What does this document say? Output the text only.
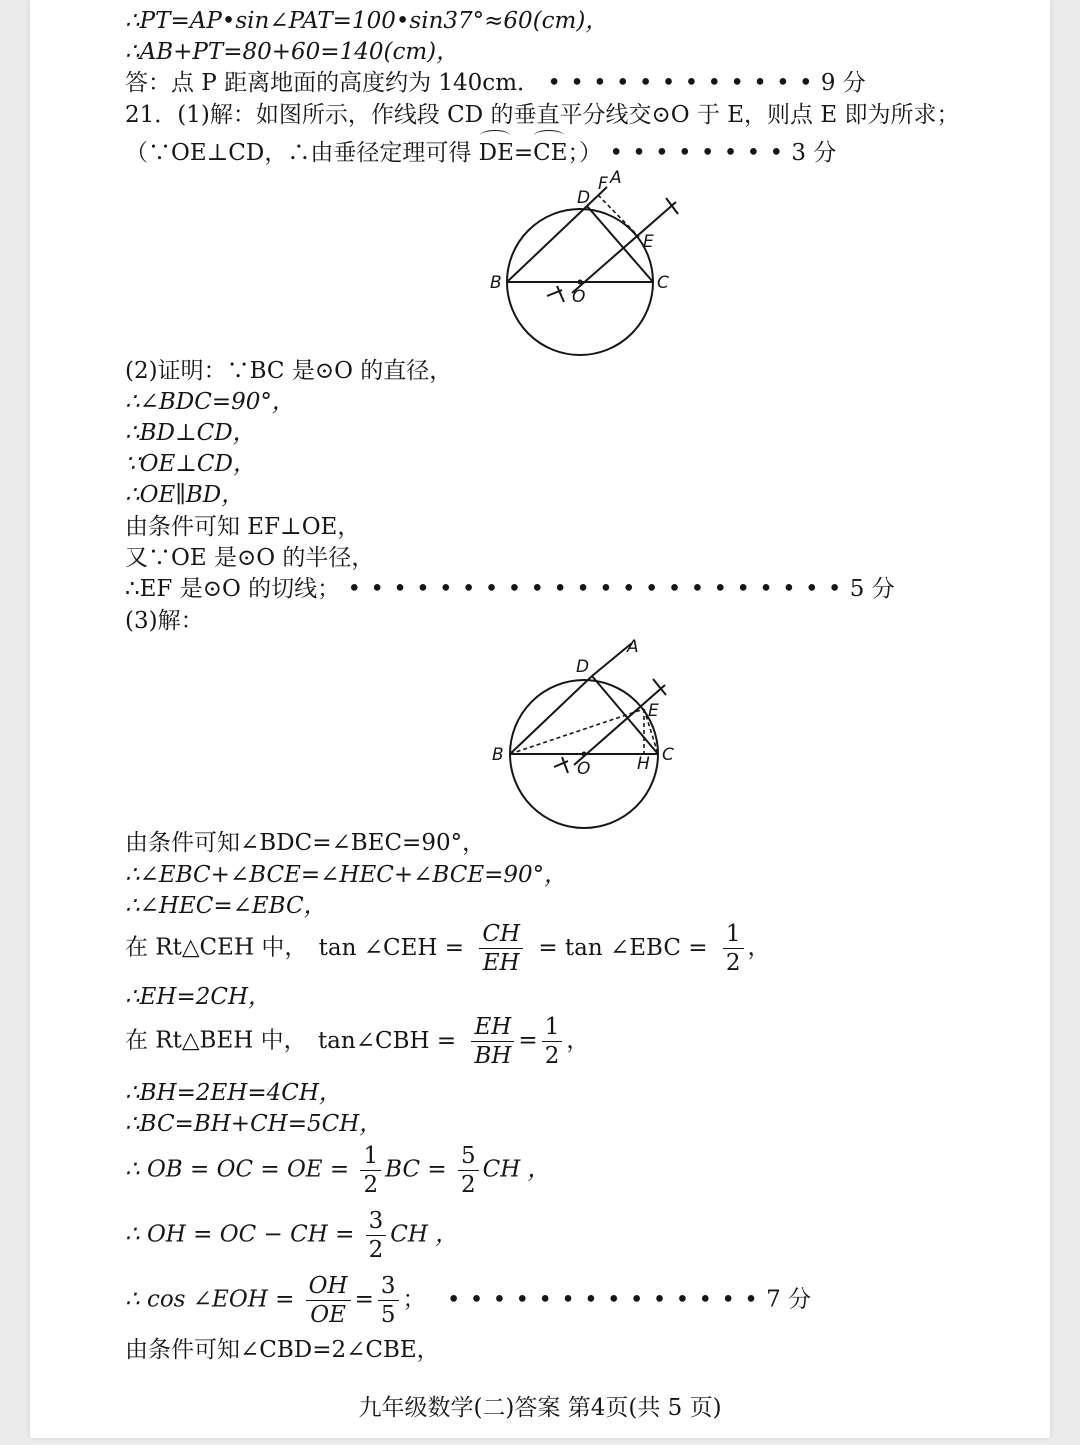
∴PT=AP•sin∠PAT=100•sin37°≈60(cm)，
∴AB+PT=80+60=140(cm)，
答：点 P 距离地面的高度约为 140cm． • • • • • • • • • • • • 9 分
21．(1)解：如图所示，作线段 CD 的垂直平分线交⊙O 于 E，则点 E 即为所求；
（∵OE⊥CD，∴由垂径定理可得 DE=
CE；） • • • • • • • • 3 分
F A
D
E
B	C
O
(2)证明：∵BC 是⊙O 的直径，
∴∠BDC=90°，
∴BD⊥CD，
∵OE⊥CD，
∴OE∥BD，
由条件可知 EF⊥OE，
又∵OE 是⊙O 的半径，
∴EF 是⊙O 的切线； • • • • • • • • • • • • • • • • • • • • • • 5 分
(3)解：
A
D
E
B	C
H
O
由条件可知∠BDC=∠BEC=90°，
∴∠EBC+∠BCE=∠HEC+∠BCE=90°，
∴∠HEC=∠EBC，
在 Rt△CEH 中， tan ∠CEH = $\frac{CH}{EH} = \tan$ ∠EBC = $\frac{1}{2}$ ，
∴EH=2CH，
在 Rt△BEH 中， tan∠CBH = $\frac{EH}{BH} = \frac{1}{2}$ ，
∴BH=2EH=4CH，
∴BC=BH+CH=5CH，
∴ OB = OC = OE = $\frac{1}{2}$ BC = $\frac{5}{2}$ CH ，
∴ OH = OC − CH = $\frac{3}{2}$ CH ，
∴ cos ∠EOH = $\frac{OH}{OE} = \frac{3}{5}$ ； • • • • • • • • • • • • • • 7 分
由条件可知∠CBD=2∠CBE，
九年级数学(二)答案 第4页(共 5 页)
